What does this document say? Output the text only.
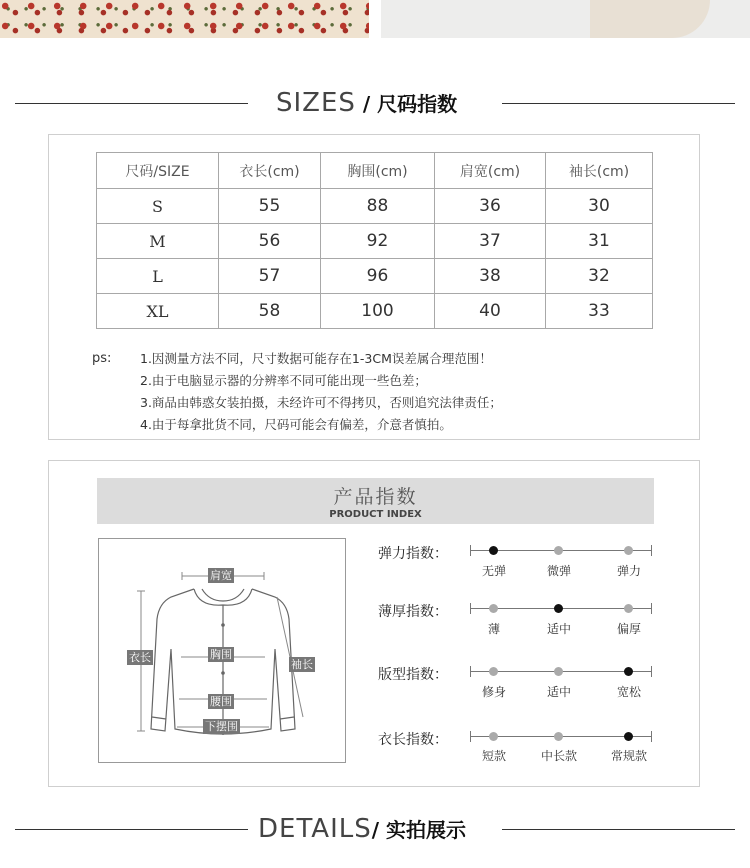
SIZES / 尺码指数
尺码/SIZE	衣长(cm)	胸围(cm)	肩宽(cm)	袖长(cm)
S	55	88	36	30
M	56	92	37	31
L	57	96	38	32
XL	58	100	40	33
ps: 1.因测量方法不同，尺寸数据可能存在1-3CM误差属合理范围！
2.由于电脑显示器的分辨率不同可能出现一些色差；
3.商品由韩惑女装拍摄，未经许可不得拷贝，否则追究法律责任；
4.由于每拿批货不同，尺码可能会有偏差，介意者慎拍。
产品指数
PRODUCT INDEX
肩宽
衣长	胸围
袖长
腰围
下摆围
弹力指数：
无弹	微弹	弹力
薄厚指数：
薄	适中	偏厚
版型指数：
修身	适中	宽松
衣长指数：
短款	中长款	常规款
DETAILS/ 实拍展示
